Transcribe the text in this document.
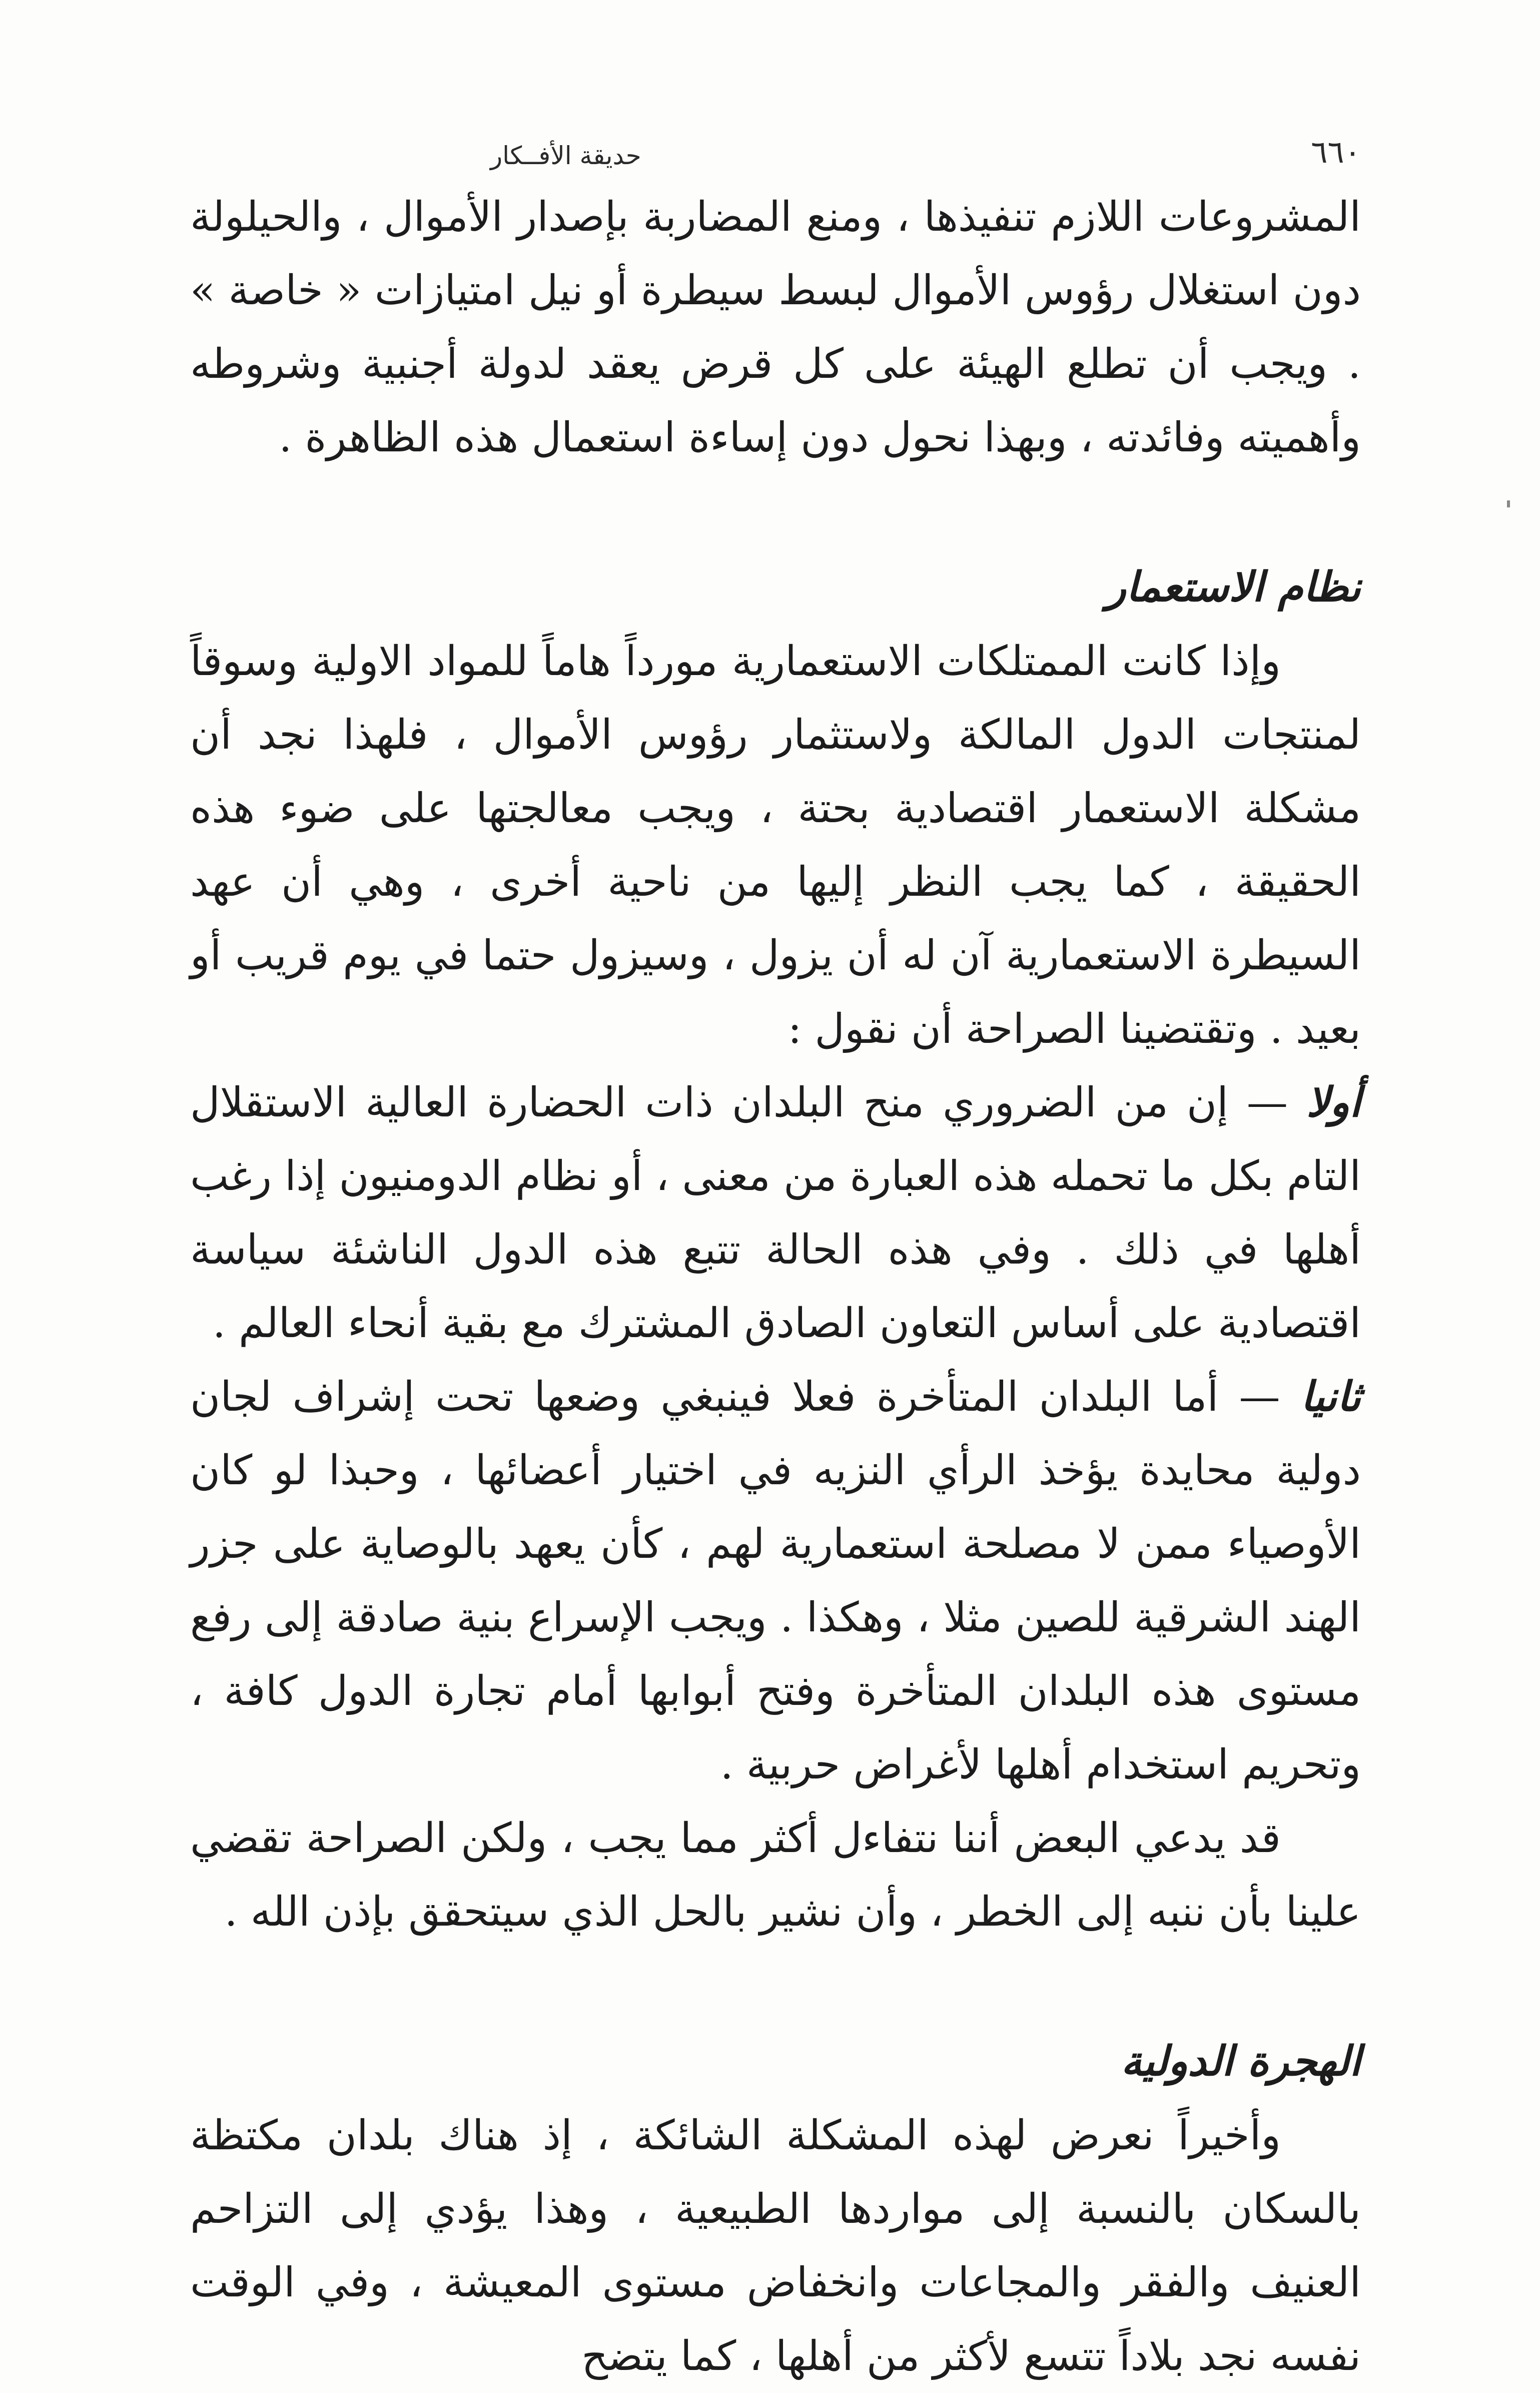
٦٦٠
حديقة الأفــكار

المشروعات اللازم تنفيذها ، ومنع المضاربة بإصدار الأموال ، والحيلولة دون استغلال رؤوس الأموال لبسط سيطرة أو نيل امتيازات « خاصة » . ويجب أن تطلع الهيئة على كل قرض يعقد لدولة أجنبية وشروطه وأهميته وفائدته ، وبهذا نحول دون إساءة استعمال هذه الظاهرة .

نظام الاستعمار

وإذا كانت الممتلكات الاستعمارية مورداً هاماً للمواد الاولية وسوقاً لمنتجات الدول المالكة ولاستثمار رؤوس الأموال ، فلهذا نجد أن مشكلة الاستعمار اقتصادية بحتة ، ويجب معالجتها على ضوء هذه الحقيقة ، كما يجب النظر إليها من ناحية أخرى ، وهي أن عهد السيطرة الاستعمارية آن له أن يزول ، وسيزول حتما في يوم قريب أو بعيد . وتقتضينا الصراحة أن نقول :

أولا — إن من الضروري منح البلدان ذات الحضارة العالية الاستقلال التام بكل ما تحمله هذه العبارة من معنى ، أو نظام الدومنيون إذا رغب أهلها في ذلك . وفي هذه الحالة تتبع هذه الدول الناشئة سياسة اقتصادية على أساس التعاون الصادق المشترك مع بقية أنحاء العالم .

ثانيا — أما البلدان المتأخرة فعلا فينبغي وضعها تحت إشراف لجان دولية محايدة يؤخذ الرأي النزيه في اختيار أعضائها ، وحبذا لو كان الأوصياء ممن لا مصلحة استعمارية لهم ، كأن يعهد بالوصاية على جزر الهند الشرقية للصين مثلا ، وهكذا . ويجب الإسراع بنية صادقة إلى رفع مستوى هذه البلدان المتأخرة وفتح أبوابها أمام تجارة الدول كافة ، وتحريم استخدام أهلها لأغراض حربية .

قد يدعي البعض أننا نتفاءل أكثر مما يجب ، ولكن الصراحة تقضي علينا بأن ننبه إلى الخطر ، وأن نشير بالحل الذي سيتحقق بإذن الله .

الهجرة الدولية

وأخيراً نعرض لهذه المشكلة الشائكة ، إذ هناك بلدان مكتظة بالسكان بالنسبة إلى مواردها الطبيعية ، وهذا يؤدي إلى التزاحم العنيف والفقر والمجاعات وانخفاض مستوى المعيشة ، وفي الوقت نفسه نجد بلاداً تتسع لأكثر من أهلها ، كما يتضح
